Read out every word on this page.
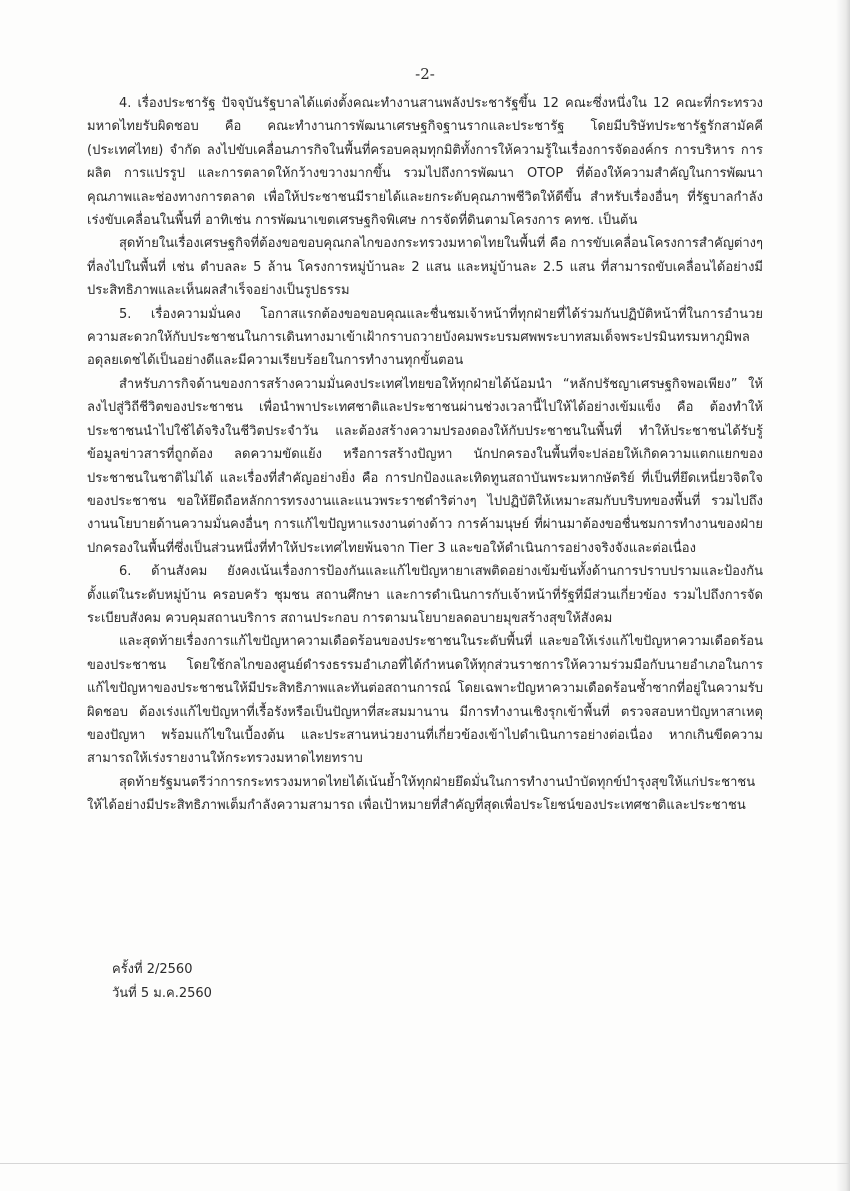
-2-

4. เรื่องประชารัฐ ปัจจุบันรัฐบาลได้แต่งตั้งคณะทำงานสานพลังประชารัฐขึ้น 12 คณะซึ่งหนึ่งใน 12 คณะที่กระทรวงมหาดไทยรับผิดชอบ คือ คณะทำงานการพัฒนาเศรษฐกิจฐานรากและประชารัฐ โดยมีบริษัทประชารัฐรักสามัคคี (ประเทศไทย) จำกัด ลงไปขับเคลื่อนภารกิจในพื้นที่ครอบคลุมทุกมิติทั้งการให้ความรู้ในเรื่องการจัดองค์กร การบริหาร การผลิต การแปรรูป และการตลาดให้กว้างขวางมากขึ้น รวมไปถึงการพัฒนา OTOP ที่ต้องให้ความสำคัญในการพัฒนาคุณภาพและช่องทางการตลาด เพื่อให้ประชาชนมีรายได้และยกระดับคุณภาพชีวิตให้ดีขึ้น สำหรับเรื่องอื่นๆ ที่รัฐบาลกำลังเร่งขับเคลื่อนในพื้นที่ อาทิเช่น การพัฒนาเขตเศรษฐกิจพิเศษ การจัดที่ดินตามโครงการ คทช. เป็นต้น

สุดท้ายในเรื่องเศรษฐกิจที่ต้องขอขอบคุณกลไกของกระทรวงมหาดไทยในพื้นที่ คือ การขับเคลื่อนโครงการสำคัญต่างๆที่ลงไปในพื้นที่ เช่น ตำบลละ 5 ล้าน โครงการหมู่บ้านละ 2 แสน และหมู่บ้านละ 2.5 แสน ที่สามารถขับเคลื่อนได้อย่างมีประสิทธิภาพและเห็นผลสำเร็จอย่างเป็นรูปธรรม

5. เรื่องความมั่นคง โอกาสแรกต้องขอขอบคุณและชื่นชมเจ้าหน้าที่ทุกฝ่ายที่ได้ร่วมกันปฏิบัติหน้าที่ในการอำนวยความสะดวกให้กับประชาชนในการเดินทางมาเข้าเฝ้ากราบถวายบังคมพระบรมศพพระบาทสมเด็จพระปรมินทรมหาภูมิพลอดุลยเดชได้เป็นอย่างดีและมีความเรียบร้อยในการทำงานทุกขั้นตอน

สำหรับภารกิจด้านของการสร้างความมั่นคงประเทศไทยขอให้ทุกฝ่ายได้น้อมนำ “หลักปรัชญาเศรษฐกิจพอเพียง” ให้ลงไปสู่วิถีชีวิตของประชาชน เพื่อนำพาประเทศชาติและประชาชนผ่านช่วงเวลานี้ไปให้ได้อย่างเข้มแข็ง คือ ต้องทำให้ประชาชนนำไปใช้ได้จริงในชีวิตประจำวัน และต้องสร้างความปรองดองให้กับประชาชนในพื้นที่ ทำให้ประชาชนได้รับรู้ข้อมูลข่าวสารที่ถูกต้อง ลดความขัดแย้ง หรือการสร้างปัญหา นักปกครองในพื้นที่จะปล่อยให้เกิดความแตกแยกของประชาชนในชาติไม่ได้ และเรื่องที่สำคัญอย่างยิ่ง คือ การปกป้องและเทิดทูนสถาบันพระมหากษัตริย์ ที่เป็นที่ยึดเหนี่ยวจิตใจของประชาชน ขอให้ยึดถือหลักการทรงงานและแนวพระราชดำริต่างๆ ไปปฏิบัติให้เหมาะสมกับบริบทของพื้นที่ รวมไปถึงงานนโยบายด้านความมั่นคงอื่นๆ การแก้ไขปัญหาแรงงานต่างด้าว การค้ามนุษย์ ที่ผ่านมาต้องขอชื่นชมการทำงานของฝ่ายปกครองในพื้นที่ซึ่งเป็นส่วนหนึ่งที่ทำให้ประเทศไทยพ้นจาก Tier 3 และขอให้ดำเนินการอย่างจริงจังและต่อเนื่อง

6. ด้านสังคม ยังคงเน้นเรื่องการป้องกันและแก้ไขปัญหายาเสพติดอย่างเข้มข้นทั้งด้านการปราบปรามและป้องกันตั้งแต่ในระดับหมู่บ้าน ครอบครัว ชุมชน สถานศึกษา และการดำเนินการกับเจ้าหน้าที่รัฐที่มีส่วนเกี่ยวข้อง รวมไปถึงการจัดระเบียบสังคม ควบคุมสถานบริการ สถานประกอบ การตามนโยบายลดอบายมุขสร้างสุขให้สังคม

และสุดท้ายเรื่องการแก้ไขปัญหาความเดือดร้อนของประชาชนในระดับพื้นที่ และขอให้เร่งแก้ไขปัญหาความเดือดร้อนของประชาชน โดยใช้กลไกของศูนย์ดำรงธรรมอำเภอที่ได้กำหนดให้ทุกส่วนราชการให้ความร่วมมือกับนายอำเภอในการแก้ไขปัญหาของประชาชนให้มีประสิทธิภาพและทันต่อสถานการณ์ โดยเฉพาะปัญหาความเดือดร้อนซ้ำซากที่อยู่ในความรับผิดชอบ ต้องเร่งแก้ไขปัญหาที่เรื้อรังหรือเป็นปัญหาที่สะสมมานาน มีการทำงานเชิงรุกเข้าพื้นที่ ตรวจสอบหาปัญหาสาเหตุของปัญหา พร้อมแก้ไขในเบื้องต้น และประสานหน่วยงานที่เกี่ยวข้องเข้าไปดำเนินการอย่างต่อเนื่อง หากเกินขีดความสามารถให้เร่งรายงานให้กระทรวงมหาดไทยทราบ

สุดท้ายรัฐมนตรีว่าการกระทรวงมหาดไทยได้เน้นย้ำให้ทุกฝ่ายยึดมั่นในการทำงานบำบัดทุกข์บำรุงสุขให้แก่ประชาชนให้ได้อย่างมีประสิทธิภาพเต็มกำลังความสามารถ เพื่อเป้าหมายที่สำคัญที่สุดเพื่อประโยชน์ของประเทศชาติและประชาชน

ครั้งที่ 2/2560
วันที่ 5 ม.ค.2560
